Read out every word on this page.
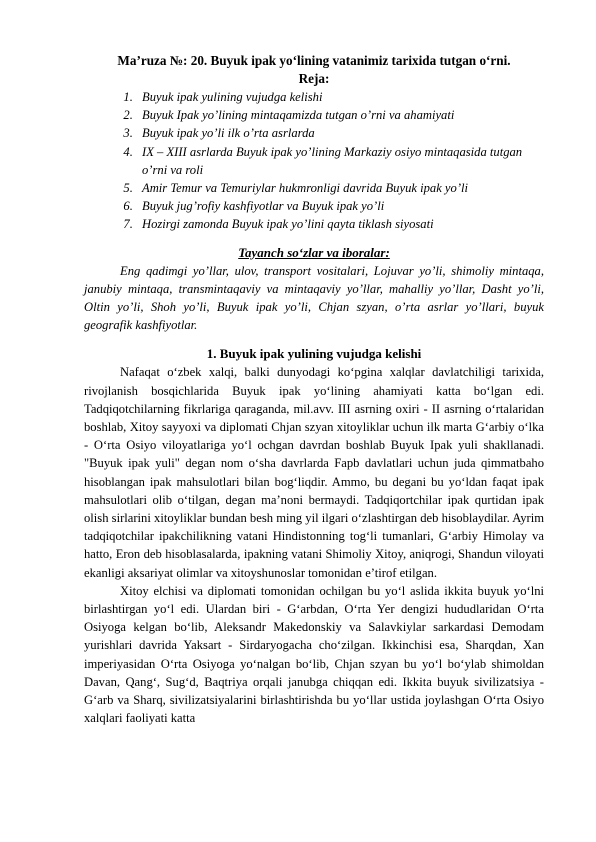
Ma’ruza №: 20. Buyuk ipak yo‘lining vatanimiz tarixida tutgan o‘rni.

Reja:
1. Buyuk ipak yulining vujudga kelishi
2. Buyuk Ipak yo’lining mintaqamizda tutgan o’rni va ahamiyati
3. Buyuk ipak yo’li ilk o’rta asrlarda
4. IX – XIII asrlarda Buyuk ipak yo’lining Markaziy osiyo mintaqasida tutgan o’rni va roli
5. Amir Temur va Temuriylar hukmronligi davrida Buyuk ipak yo’li
6. Buyuk jug’rofiy kashfiyotlar va Buyuk ipak yo’li
7. Hozirgi zamonda Buyuk ipak yo’lini qayta tiklash siyosati
Tayanch so‘zlar va iboralar:

Eng qadimgi yo’llar, ulov, transport vositalari, Lojuvar yo’li, shimoliy mintaqa, janubiy mintaqa, transmintaqaviy va mintaqaviy yo’llar, mahalliy yo’llar, Dasht yo’li, Oltin yo’li, Shoh yo’li, Buyuk ipak yo’li, Chjan szyan, o’rta asrlar yo’llari, buyuk geografik kashfiyotlar.

1. Buyuk ipak yulining vujudga kelishi

Nafaqat o‘zbek xalqi, balki dunyodagi ko‘pgina xalqlar davlatchiligi tarixida, rivojlanish bosqichlarida Buyuk ipak yo‘lining ahamiyati katta bo‘lgan edi. Tadqiqotchilarning fikrlariga qaraganda, mil.avv. III asrning oxiri - II asrning o‘rtalaridan boshlab, Xitoy sayyoxi va diplomati Chjan szyan xitoyliklar uchun ilk marta G‘arbiy o‘lka - O‘rta Osiyo viloyatlariga yo‘l ochgan davrdan boshlab Buyuk Ipak yuli shakllanadi. "Buyuk ipak yuli" degan nom o‘sha davrlarda Fapb davlatlari uchun juda qimmatbaho hisoblangan ipak mahsulotlari bilan bog‘liqdir. Ammo, bu degani bu yo‘ldan faqat ipak mahsulotlari olib o‘tilgan, degan ma’noni bermaydi. Tadqiqortchilar ipak qurtidan ipak olish sirlarini xitoyliklar bundan besh ming yil ilgari o‘zlashtirgan deb hisoblaydilar. Ayrim tadqiqotchilar ipakchilikning vatani Hindistonning tog‘li tumanlari, G‘arbiy Himolay va hatto, Eron deb hisoblasalarda, ipakning vatani Shimoliy Xitoy, aniqrogi, Shandun viloyati ekanligi aksariyat olimlar va xitoyshunoslar tomonidan e’tirof etilgan.

Xitoy elchisi va diplomati tomonidan ochilgan bu yo‘l aslida ikkita buyuk yo‘lni birlashtirgan yo‘l edi. Ulardan biri - G‘arbdan, O‘rta Yer dengizi hududlaridan O‘rta Osiyoga kelgan bo‘lib, Aleksandr Makedonskiy va Salavkiylar sarkardasi Demodam yurishlari davrida Yaksart - Sirdaryogacha cho‘zilgan. Ikkinchisi esa, Sharqdan, Xan imperiyasidan O‘rta Osiyoga yo‘nalgan bo‘lib, Chjan szyan bu yo‘l bo‘ylab shimoldan Davan, Qang‘, Sug‘d, Baqtriya orqali janubga chiqqan edi. Ikkita buyuk sivilizatsiya - G‘arb va Sharq, sivilizatsiyalarini birlashtirishda bu yo‘llar ustida joylashgan O‘rta Osiyo xalqlari faoliyati katta
